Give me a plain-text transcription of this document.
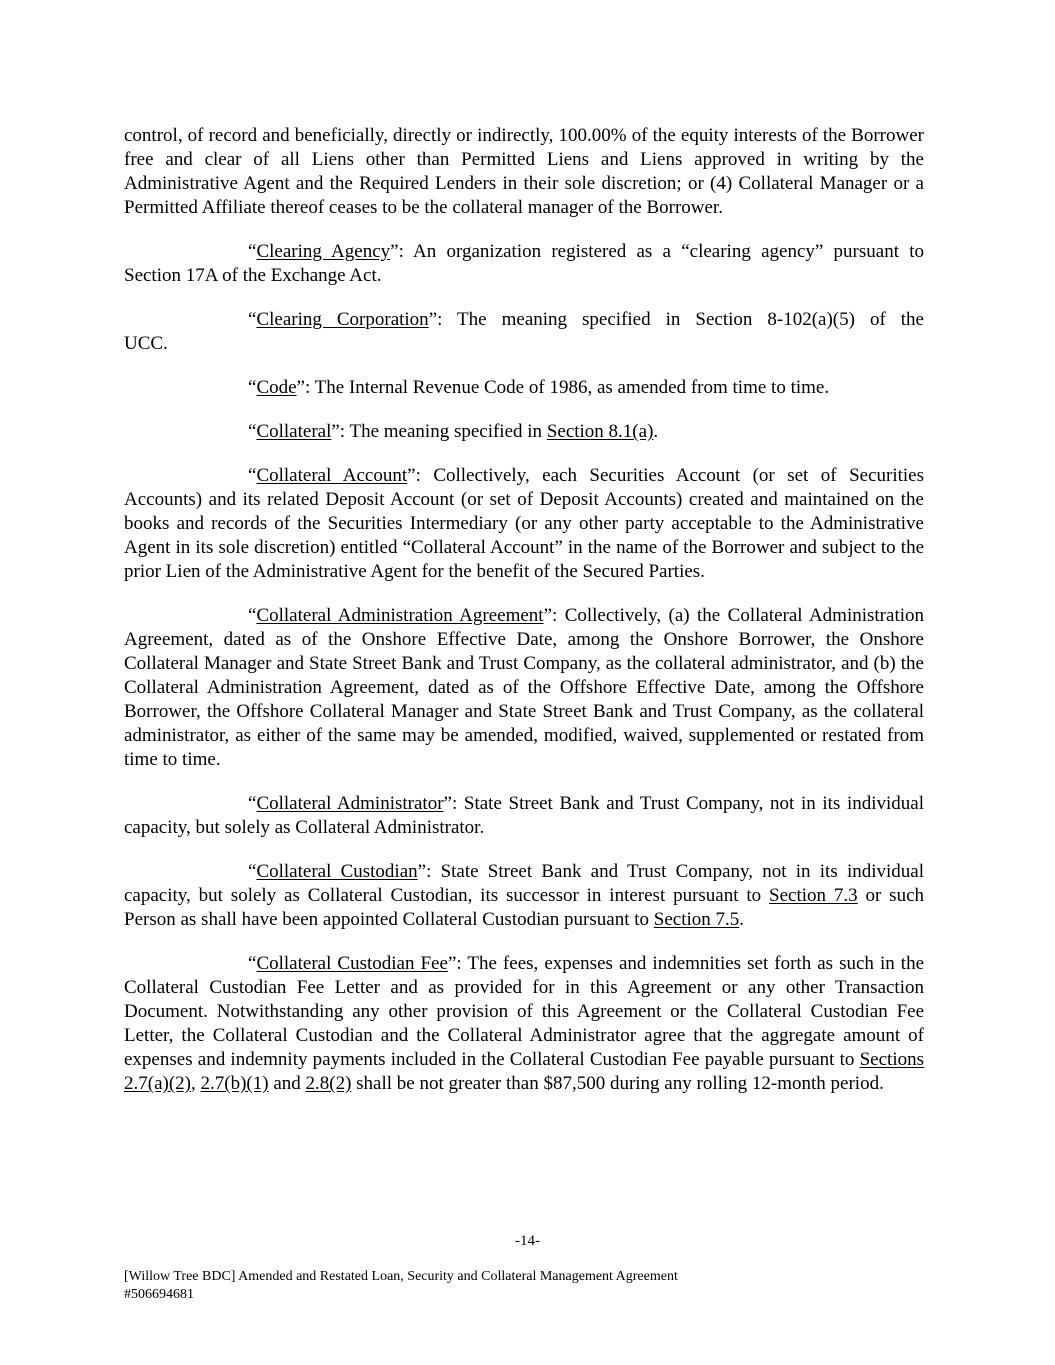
control, of record and beneficially, directly or indirectly, 100.00% of the equity interests of the Borrower free and clear of all Liens other than Permitted Liens and Liens approved in writing by the Administrative Agent and the Required Lenders in their sole discretion; or (4) Collateral Manager or a Permitted Affiliate thereof ceases to be the collateral manager of the Borrower.

“Clearing Agency”: An organization registered as a “clearing agency” pursuant to Section 17A of the Exchange Act.

“Clearing Corporation”: The meaning specified in Section 8-102(a)(5) of the

UCC.

“Code”: The Internal Revenue Code of 1986, as amended from time to time.

“Collateral”: The meaning specified in Section 8.1(a).

“Collateral Account”: Collectively, each Securities Account (or set of Securities Accounts) and its related Deposit Account (or set of Deposit Accounts) created and maintained on the books and records of the Securities Intermediary (or any other party acceptable to the Administrative Agent in its sole discretion) entitled “Collateral Account” in the name of the Borrower and subject to the prior Lien of the Administrative Agent for the benefit of the Secured Parties.

“Collateral Administration Agreement”: Collectively, (a) the Collateral Administration Agreement, dated as of the Onshore Effective Date, among the Onshore Borrower, the Onshore Collateral Manager and State Street Bank and Trust Company, as the collateral administrator, and (b) the Collateral Administration Agreement, dated as of the Offshore Effective Date, among the Offshore Borrower, the Offshore Collateral Manager and State Street Bank and Trust Company, as the collateral administrator, as either of the same may be amended, modified, waived, supplemented or restated from time to time.

“Collateral Administrator”: State Street Bank and Trust Company, not in its individual capacity, but solely as Collateral Administrator.

“Collateral Custodian”: State Street Bank and Trust Company, not in its individual capacity, but solely as Collateral Custodian, its successor in interest pursuant to Section 7.3 or such Person as shall have been appointed Collateral Custodian pursuant to Section 7.5.

“Collateral Custodian Fee”: The fees, expenses and indemnities set forth as such in the Collateral Custodian Fee Letter and as provided for in this Agreement or any other Transaction Document. Notwithstanding any other provision of this Agreement or the Collateral Custodian Fee Letter, the Collateral Custodian and the Collateral Administrator agree that the aggregate amount of expenses and indemnity payments included in the Collateral Custodian Fee payable pursuant to Sections 2.7(a)(2), 2.7(b)(1) and 2.8(2) shall be not greater than $87,500 during any rolling 12-month period.

-14-
[Willow Tree BDC] Amended and Restated Loan, Security and Collateral Management Agreement
#506694681
